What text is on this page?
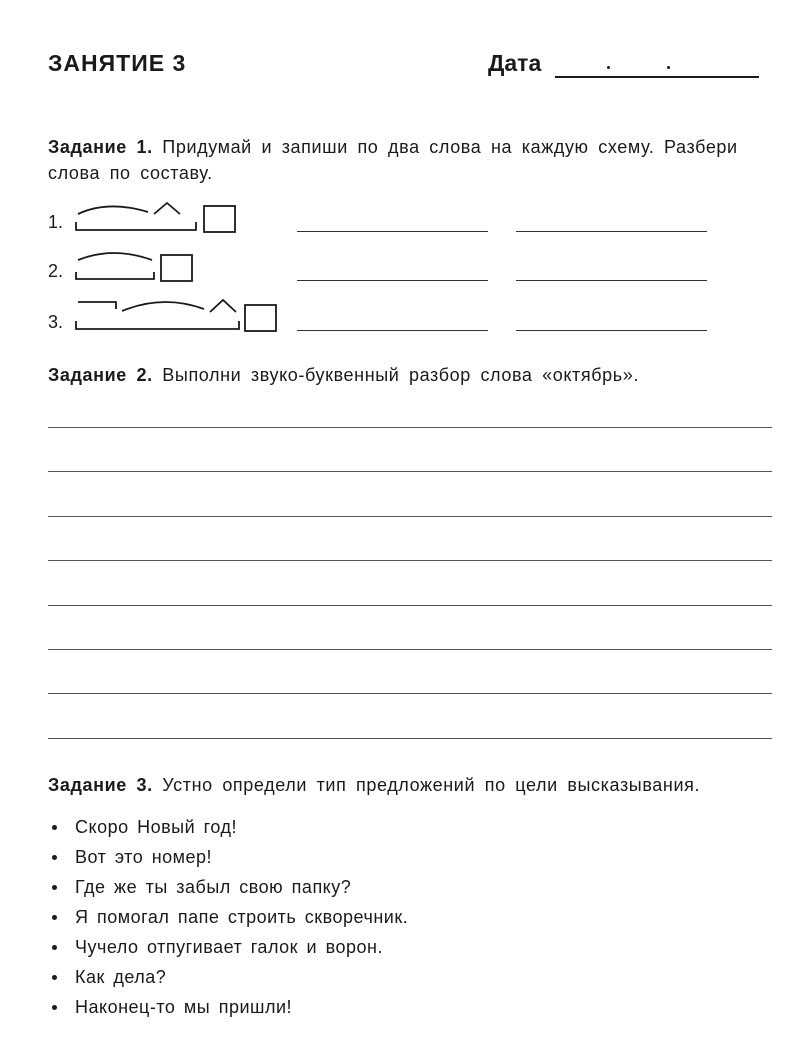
ЗАНЯТИЕ 3	Дата
Задание 1. Придумай и запиши по два слова на каждую схему. Разбери слова по составу.
1.
2.
3.
Задание 2. Выполни звуко-буквенный разбор слова «октябрь».
Задание 3. Устно определи тип предложений по цели высказывания.
Скоро Новый год!
Вот это номер!
Где же ты забыл свою папку?
Я помогал папе строить скворечник.
Чучело отпугивает галок и ворон.
Как дела?
Наконец-то мы пришли!
